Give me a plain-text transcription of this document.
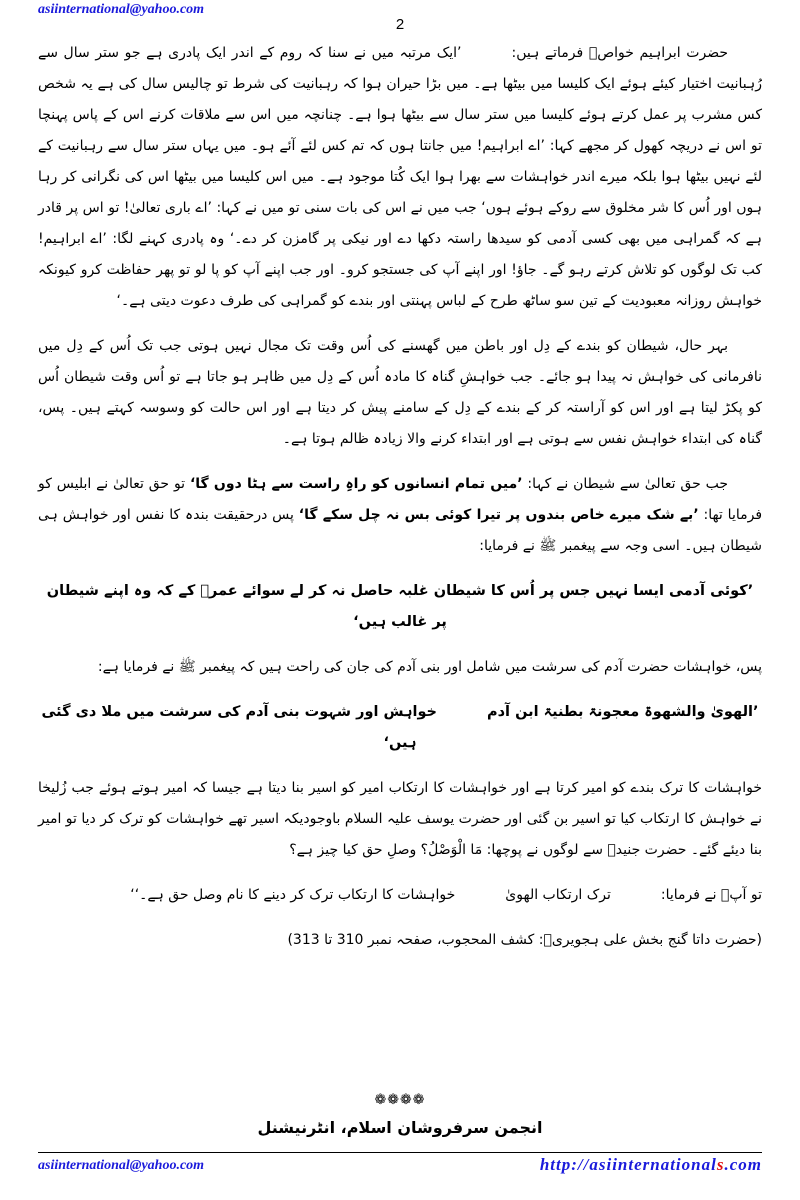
asiinternational@yahoo.com
2

حضرت ابراہیم خواصؒ فرماتے ہیں:’ایک مرتبہ میں نے سنا کہ روم کے اندر ایک پادری ہے جو ستر سال سے رُہبانیت اختیار کیئے ہوئے ایک کلیسا میں بیٹھا ہے۔ میں بڑا حیران ہوا کہ رہبانیت کی شرط تو چالیس سال کی ہے یہ شخص کس مشرب پر عمل کرتے ہوئے کلیسا میں ستر سال سے بیٹھا ہوا ہے۔ چنانچہ میں اس سے ملاقات کرنے اس کے پاس پہنچا تو اس نے دریچہ کھول کر مجھے کہا: ’اے ابراہیم! میں جانتا ہوں کہ تم کس لئے آئے ہو۔ میں یہاں ستر سال سے رہبانیت کے لئے نہیں بیٹھا ہوا بلکہ میرے اندر خواہشات سے بھرا ہوا ایک کُتا موجود ہے۔ میں اس کلیسا میں بیٹھا اس کی نگرانی کر رہا ہوں اور اُس کا شر مخلوق سے روکے ہوئے ہوں‘ جب میں نے اس کی بات سنی تو میں نے کہا: ’اے باری تعالیٰ! تو اس پر قادر ہے کہ گمراہی میں بھی کسی آدمی کو سیدھا راستہ دکھا دے اور نیکی پر گامزن کر دے۔‘ وہ پادری کہنے لگا: ’اے ابراہیم! کب تک لوگوں کو تلاش کرتے رہو گے۔ جاؤ! اور اپنے آپ کی جستجو کرو۔ اور جب اپنے آپ کو پا لو تو پھر حفاظت کرو کیونکہ خواہش روزانہ معبودیت کے تین سو ساٹھ طرح کے لباس پہنتی اور بندے کو گمراہی کی طرف دعوت دیتی ہے۔‘

بہر حال، شیطان کو بندے کے دِل اور باطن میں گھسنے کی اُس وقت تک مجال نہیں ہوتی جب تک اُس کے دِل میں نافرمانی کی خواہش نہ پیدا ہو جائے۔ جب خواہشِ گناہ کا مادہ اُس کے دِل میں ظاہر ہو جاتا ہے تو اُس وقت شیطان اُس کو پکڑ لیتا ہے اور اس کو آراستہ کر کے بندے کے دِل کے سامنے پیش کر دیتا ہے اور اس حالت کو وسوسہ کہتے ہیں۔ پس، گناہ کی ابتداء خواہش نفس سے ہوتی ہے اور ابتداء کرنے والا زیادہ ظالم ہوتا ہے۔

جب حق تعالیٰ سے شیطان نے کہا: ’میں تمام انسانوں کو راہِ راست سے ہٹا دوں گا‘ تو حق تعالیٰ نے ابلیس کو فرمایا تھا: ’بے شک میرے خاص بندوں پر تیرا کوئی بس نہ چل سکے گا‘ پس درحقیقت بندہ کا نفس اور خواہش ہی شیطان ہیں۔ اسی وجہ سے پیغمبر ﷺ نے فرمایا:

’کوئی آدمی ایسا نہیں جس پر اُس کا شیطان غلبہ حاصل نہ کر لے سوائے عمرؓ کے کہ وہ اپنے شیطان پر غالب ہیں‘

پس، خواہشات حضرت آدم کی سرشت میں شامل اور بنی آدم کی جان کی راحت ہیں کہ پیغمبر ﷺ نے فرمایا ہے:

’الھویٰ والشھوۃ معجونۃ بطنیۃ ابن آدمخواہش اور شہوت بنی آدم کی سرشت میں ملا دی گئی ہیں‘

خواہشات کا ترک بندے کو امیر کرتا ہے اور خواہشات کا ارتکاب امیر کو اسیر بنا دیتا ہے جیسا کہ امیر ہوتے ہوئے جب زُلیخا نے خواہش کا ارتکاب کیا تو اسیر بن گئی اور حضرت یوسف علیہ السلام باوجودیکہ اسیر تھے خواہشات کو ترک کر دیا تو امیر بنا دیئے گئے۔ حضرت جنیدؒ سے لوگوں نے پوچھا: مَا الْوَصْلُ؟ وصلِ حق کیا چیز ہے؟

تو آپؒ نے فرمایا:ترک ارتکاب الھویٰخواہشات کا ارتکاب ترک کر دینے کا نام وصل حق ہے۔‘‘

(حضرت داتا گنج بخش علی ہجویریؒ: کشف المحجوب، صفحہ نمبر 310 تا 313)

❁❁❁❁
انجمن سرفروشان اسلام، انٹرنیشنل
asiinternational@yahoo.com	http://asiinternationals.com
